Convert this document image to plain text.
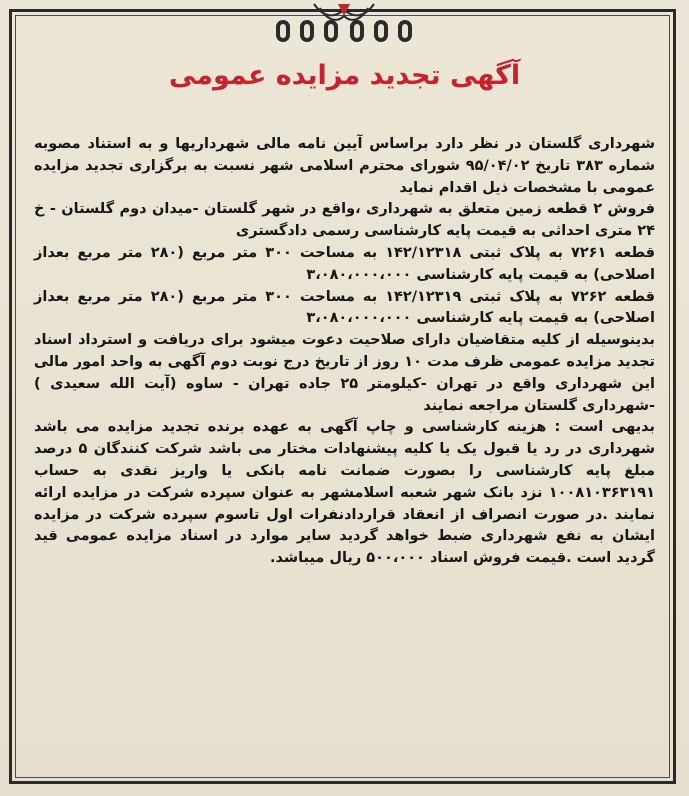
آگهی تجدید مزایده عمومی

شهرداری گلستان در نظر دارد براساس آیین نامه مالی شهرداریها و به استناد مصوبه شماره ۳۸۳ تاریخ ۹۵/۰۴/۰۲ شورای محترم اسلامی شهر نسبت به برگزاری تجدید مزایده عمومی با مشخصات ذیل اقدام نماید

فروش ۲ قطعه زمین متعلق به شهرداری ،واقع در شهر گلستان -میدان دوم گلستان - خ ۲۴ متری احداثی به قیمت پایه کارشناسی رسمی دادگستری

قطعه ۷۲۶۱ به پلاک ثبتی ۱۴۲/۱۲۳۱۸ به مساحت ۳۰۰ متر مربع (۲۸۰ متر مربع بعداز اصلاحی) به قیمت پایه کارشناسی ۳،۰۸۰،۰۰۰،۰۰۰

قطعه ۷۲۶۲ به پلاک ثبتی ۱۴۲/۱۲۳۱۹ به مساحت ۳۰۰ متر مربع (۲۸۰ متر مربع بعداز اصلاحی) به قیمت پایه کارشناسی ۳،۰۸۰،۰۰۰،۰۰۰

بدینوسیله از کلیه متقاضیان دارای صلاحیت دعوت میشود برای دریافت و استرداد اسناد تجدید مزایده عمومی ظرف مدت ۱۰ روز از تاریخ درج نوبت دوم آگهی به واحد امور مالی این شهرداری واقع در تهران -کیلومتر ۲۵ جاده تهران - ساوه (آیت الله سعیدی ) -شهرداری گلستان مراجعه نمایند

بدیهی است : هزینه کارشناسی و چاپ آگهی به عهده برنده تجدید مزایده می باشد شهرداری در رد یا قبول یک یا کلیه پیشنهادات مختار می باشد شرکت کنندگان ۵ درصد مبلغ پایه کارشناسی را بصورت ضمانت نامه بانکی یا واریز نقدی به حساب ۱۰۰۸۱۰۳۶۳۱۹۱ نزد بانک شهر شعبه اسلامشهر به عنوان سپرده شرکت در مزایده ارائه نمایند .در صورت انصراف از انعقاد قراردادنفرات اول تاسوم سپرده شرکت در مزایده ایشان به نفع شهرداری ضبط خواهد گردید سایر موارد در اسناد مزایده عمومی قید گردید است .قیمت فروش اسناد ۵۰۰،۰۰۰ ریال میباشد.
